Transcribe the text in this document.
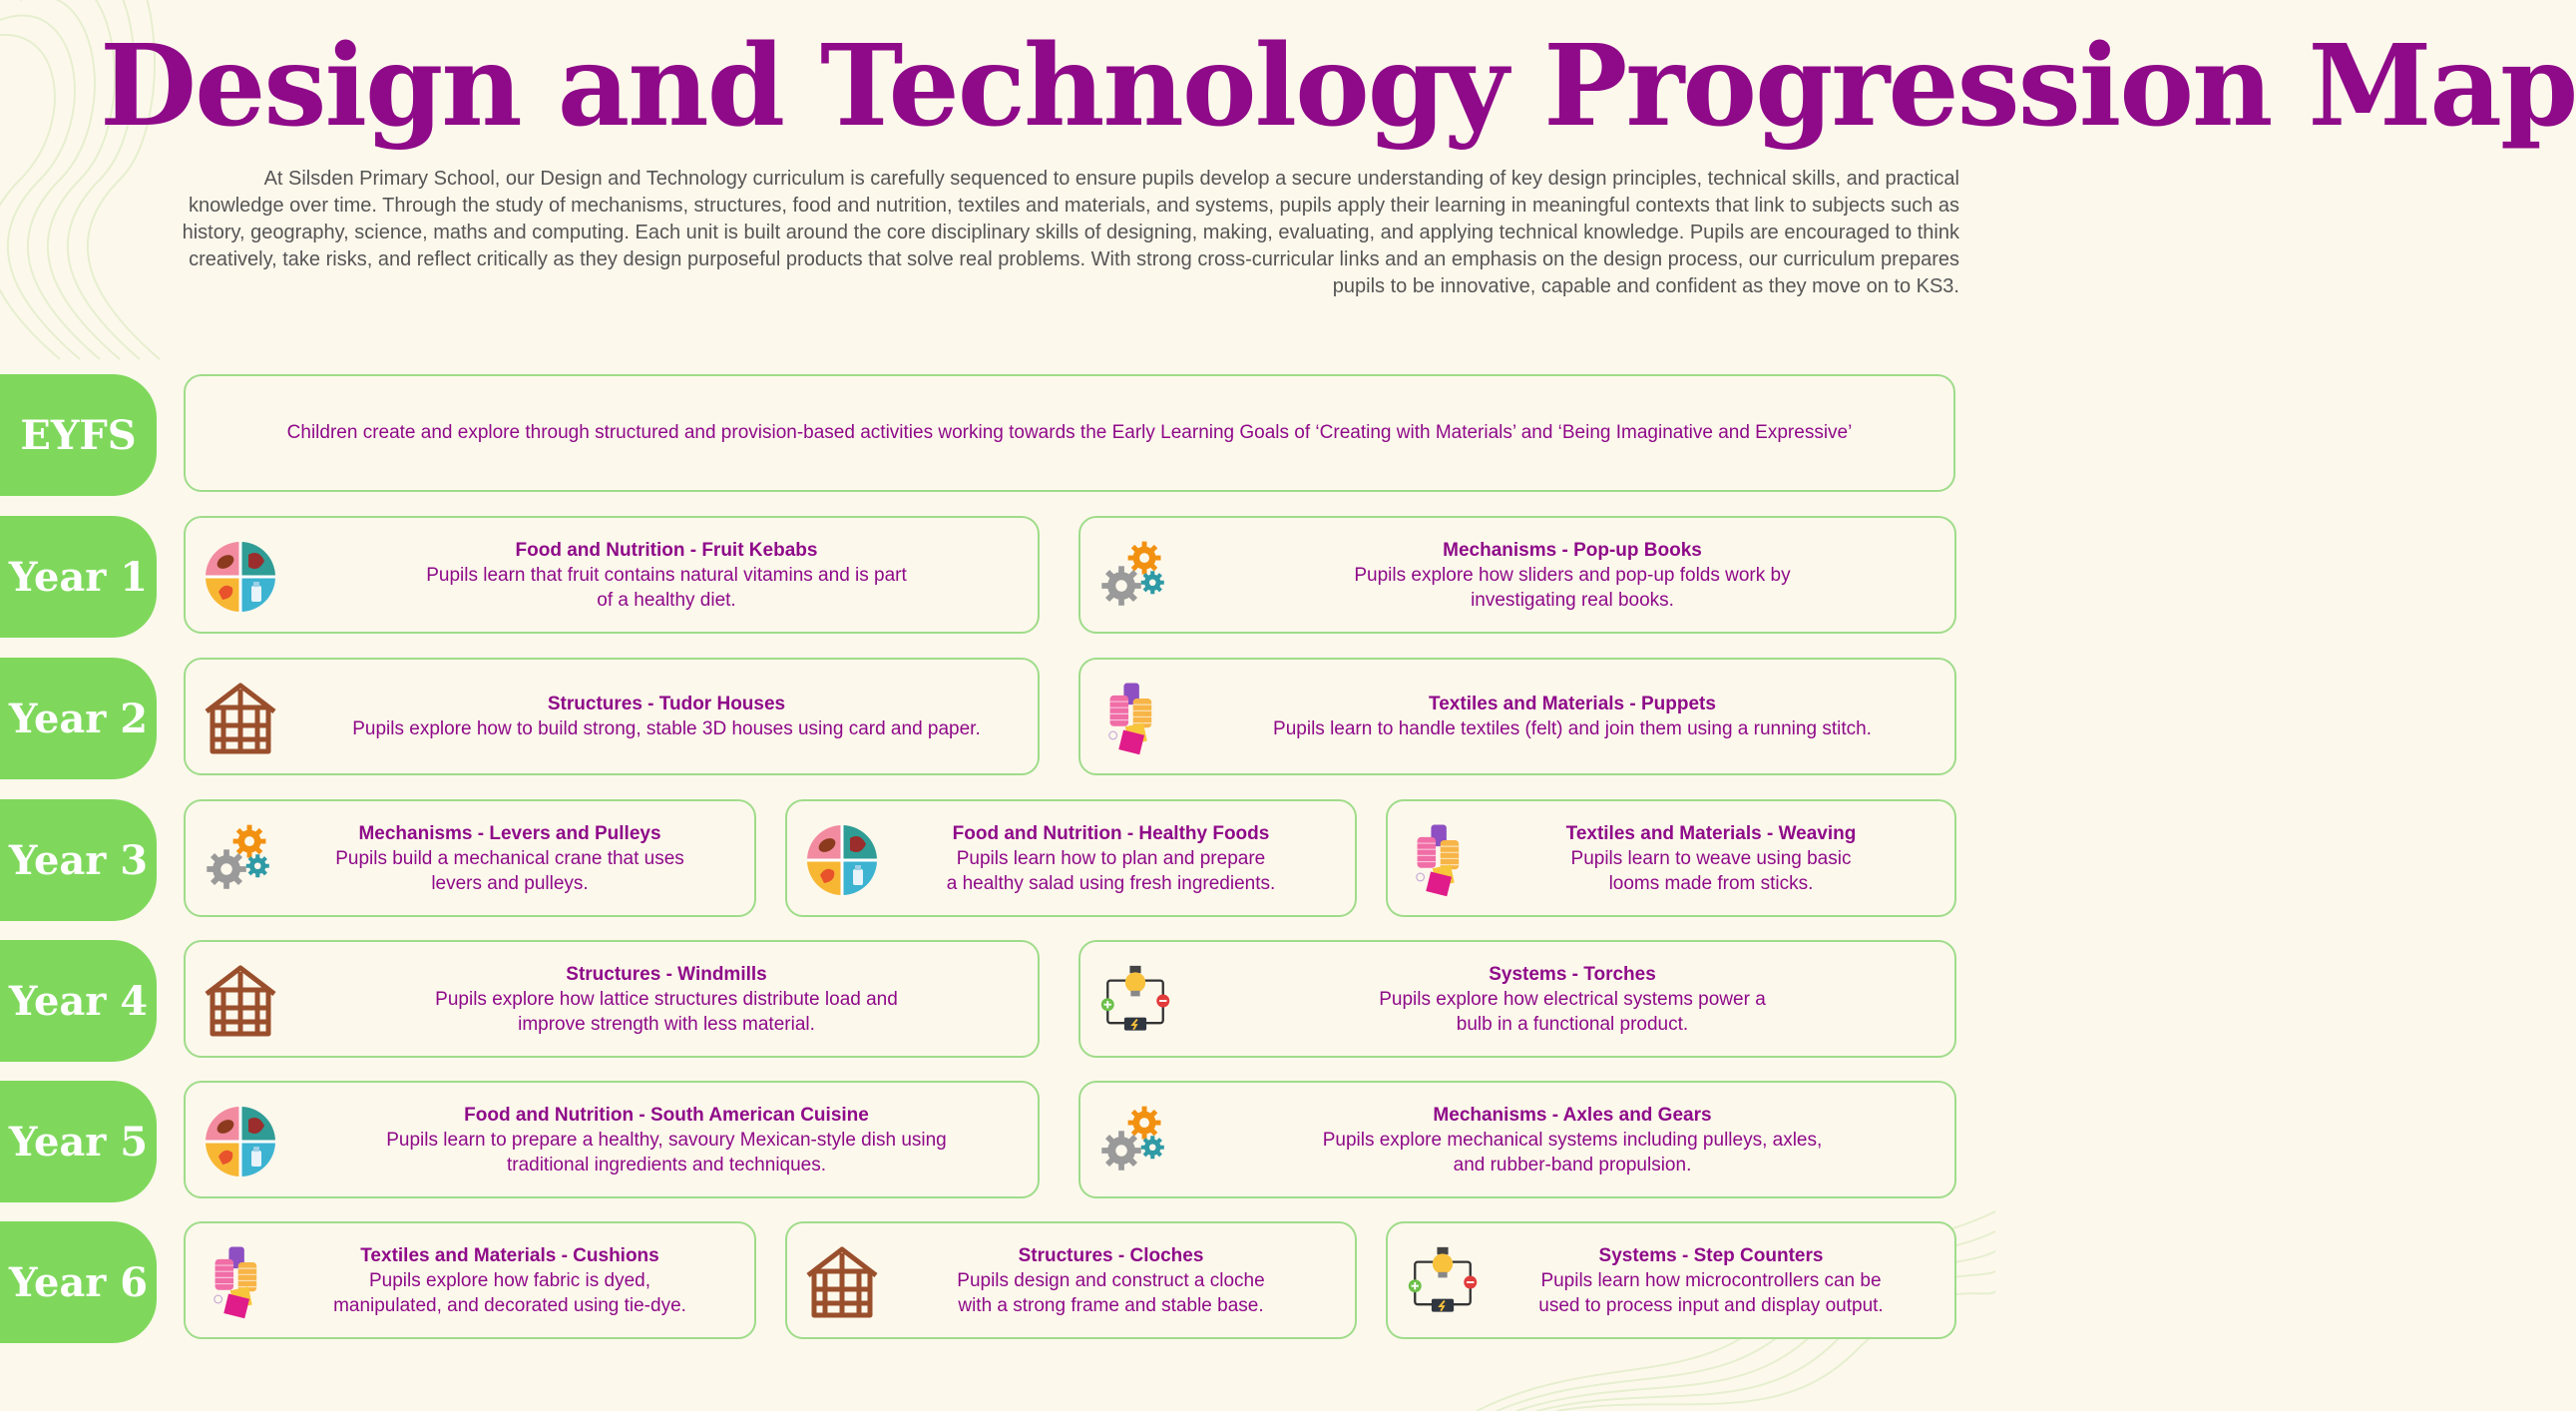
Design and Technology Progression Map

At Silsden Primary School, our Design and Technology curriculum is carefully sequenced to ensure pupils develop a secure understanding of key design principles, technical skills, and practical knowledge over time. Through the study of mechanisms, structures, food and nutrition, textiles and materials, and systems, pupils apply their learning in meaningful contexts that link to subjects such as history, geography, science, maths and computing. Each unit is built around the core disciplinary skills of designing, making, evaluating, and applying technical knowledge. Pupils are encouraged to think creatively, take risks, and reflect critically as they design purposeful products that solve real problems. With strong cross-curricular links and an emphasis on the design process, our curriculum prepares pupils to be innovative, capable and confident as they move on to KS3.

EYFS	Children create and explore through structured and provision-based activities working towards the Early Learning Goals of ‘Creating with Materials’ and ‘Being Imaginative and Expressive’
Year 1
Food and Nutrition - Fruit Kebabs
Pupils learn that fruit contains natural vitamins and is part
of a healthy diet.
Mechanisms - Pop-up Books
Pupils explore how sliders and pop-up folds work by
investigating real books.
Year 2	Structures - Tudor Houses
Pupils explore how to build strong, stable 3D houses using card and paper.
Textiles and Materials - Puppets
Pupils learn to handle textiles (felt) and join them using a running stitch.
Year 3
Mechanisms - Levers and Pulleys
Pupils build a mechanical crane that uses
levers and pulleys.
Food and Nutrition - Healthy Foods
Pupils learn how to plan and prepare
a healthy salad using fresh ingredients.
Textiles and Materials - Weaving
Pupils learn to weave using basic
looms made from sticks.
Year 4
Structures - Windmills
Pupils explore how lattice structures distribute load and
improve strength with less material.
Systems - Torches
Pupils explore how electrical systems power a
bulb in a functional product.
Year 5
Food and Nutrition - South American Cuisine
Pupils learn to prepare a healthy, savoury Mexican-style dish using
traditional ingredients and techniques.
Mechanisms - Axles and Gears
Pupils explore mechanical systems including pulleys, axles,
and rubber-band propulsion.
Year 6
Textiles and Materials - Cushions
Pupils explore how fabric is dyed,
manipulated, and decorated using tie-dye.
Structures - Cloches
Pupils design and construct a cloche
with a strong frame and stable base.
Systems - Step Counters
Pupils learn how microcontrollers can be
used to process input and display output.
